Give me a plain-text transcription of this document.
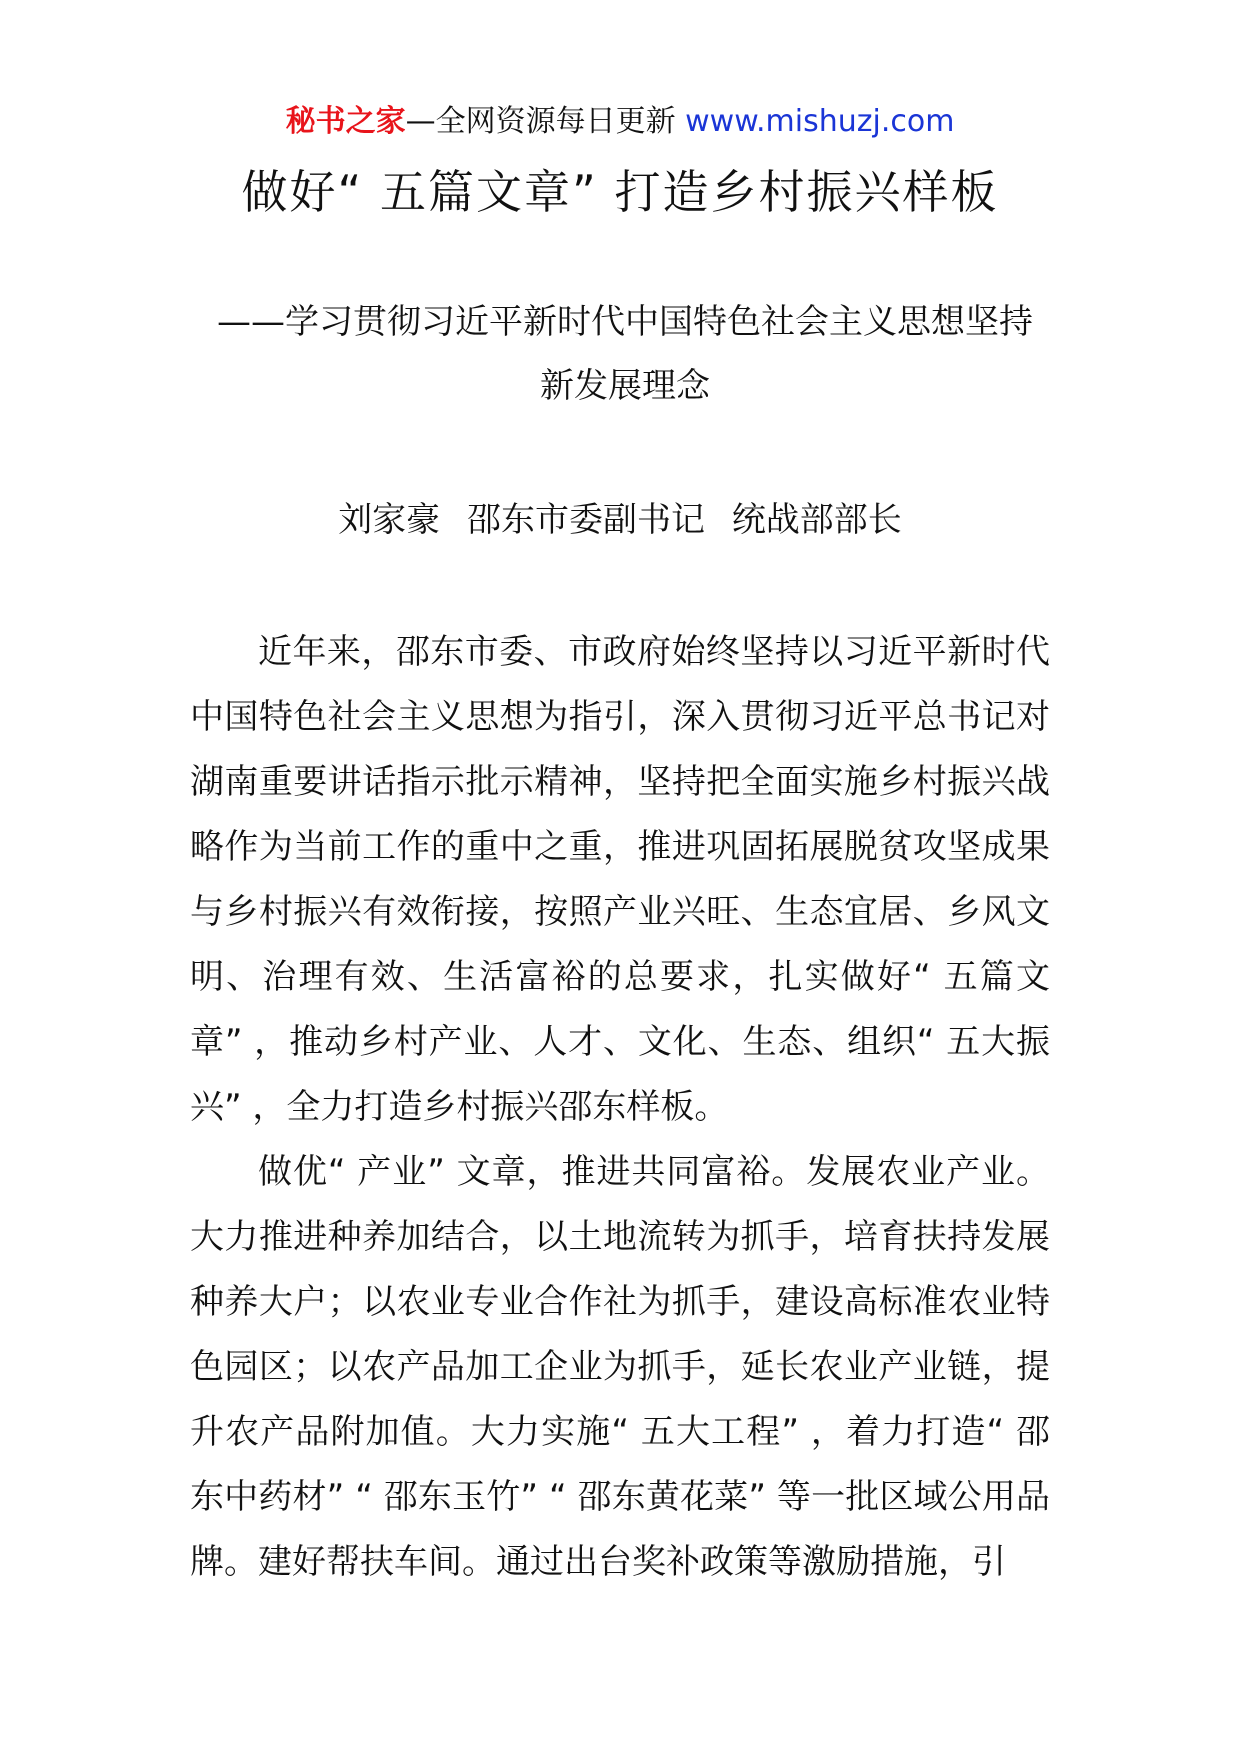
秘书之家—全网资源每日更新 www.mishuzj.com
做好“ 五篇文章” 打造乡村振兴样板
——学习贯彻习近平新时代中国特色社会主义思想坚持新发展理念
刘家豪 邵东市委副书记 统战部部长

近年来，邵东市委、市政府始终坚持以习近平新时代中国特色社会主义思想为指引，深入贯彻习近平总书记对湖南重要讲话指示批示精神，坚持把全面实施乡村振兴战略作为当前工作的重中之重，推进巩固拓展脱贫攻坚成果与乡村振兴有效衔接，按照产业兴旺、生态宜居、乡风文明、治理有效、生活富裕的总要求，扎实做好“ 五篇文章” ，推动乡村产业、人才、文化、生态、组织“ 五大振兴” ，全力打造乡村振兴邵东样板。

做优“ 产业” 文章，推进共同富裕。发展农业产业。大力推进种养加结合，以土地流转为抓手，培育扶持发展种养大户；以农业专业合作社为抓手，建设高标准农业特色园区；以农产品加工企业为抓手，延长农业产业链，提升农产品附加值。大力实施“ 五大工程” ，着力打造“ 邵东中药材” “ 邵东玉竹” “ 邵东黄花菜” 等一批区域公用品牌。建好帮扶车间。通过出台奖补政策等激励措施，引
